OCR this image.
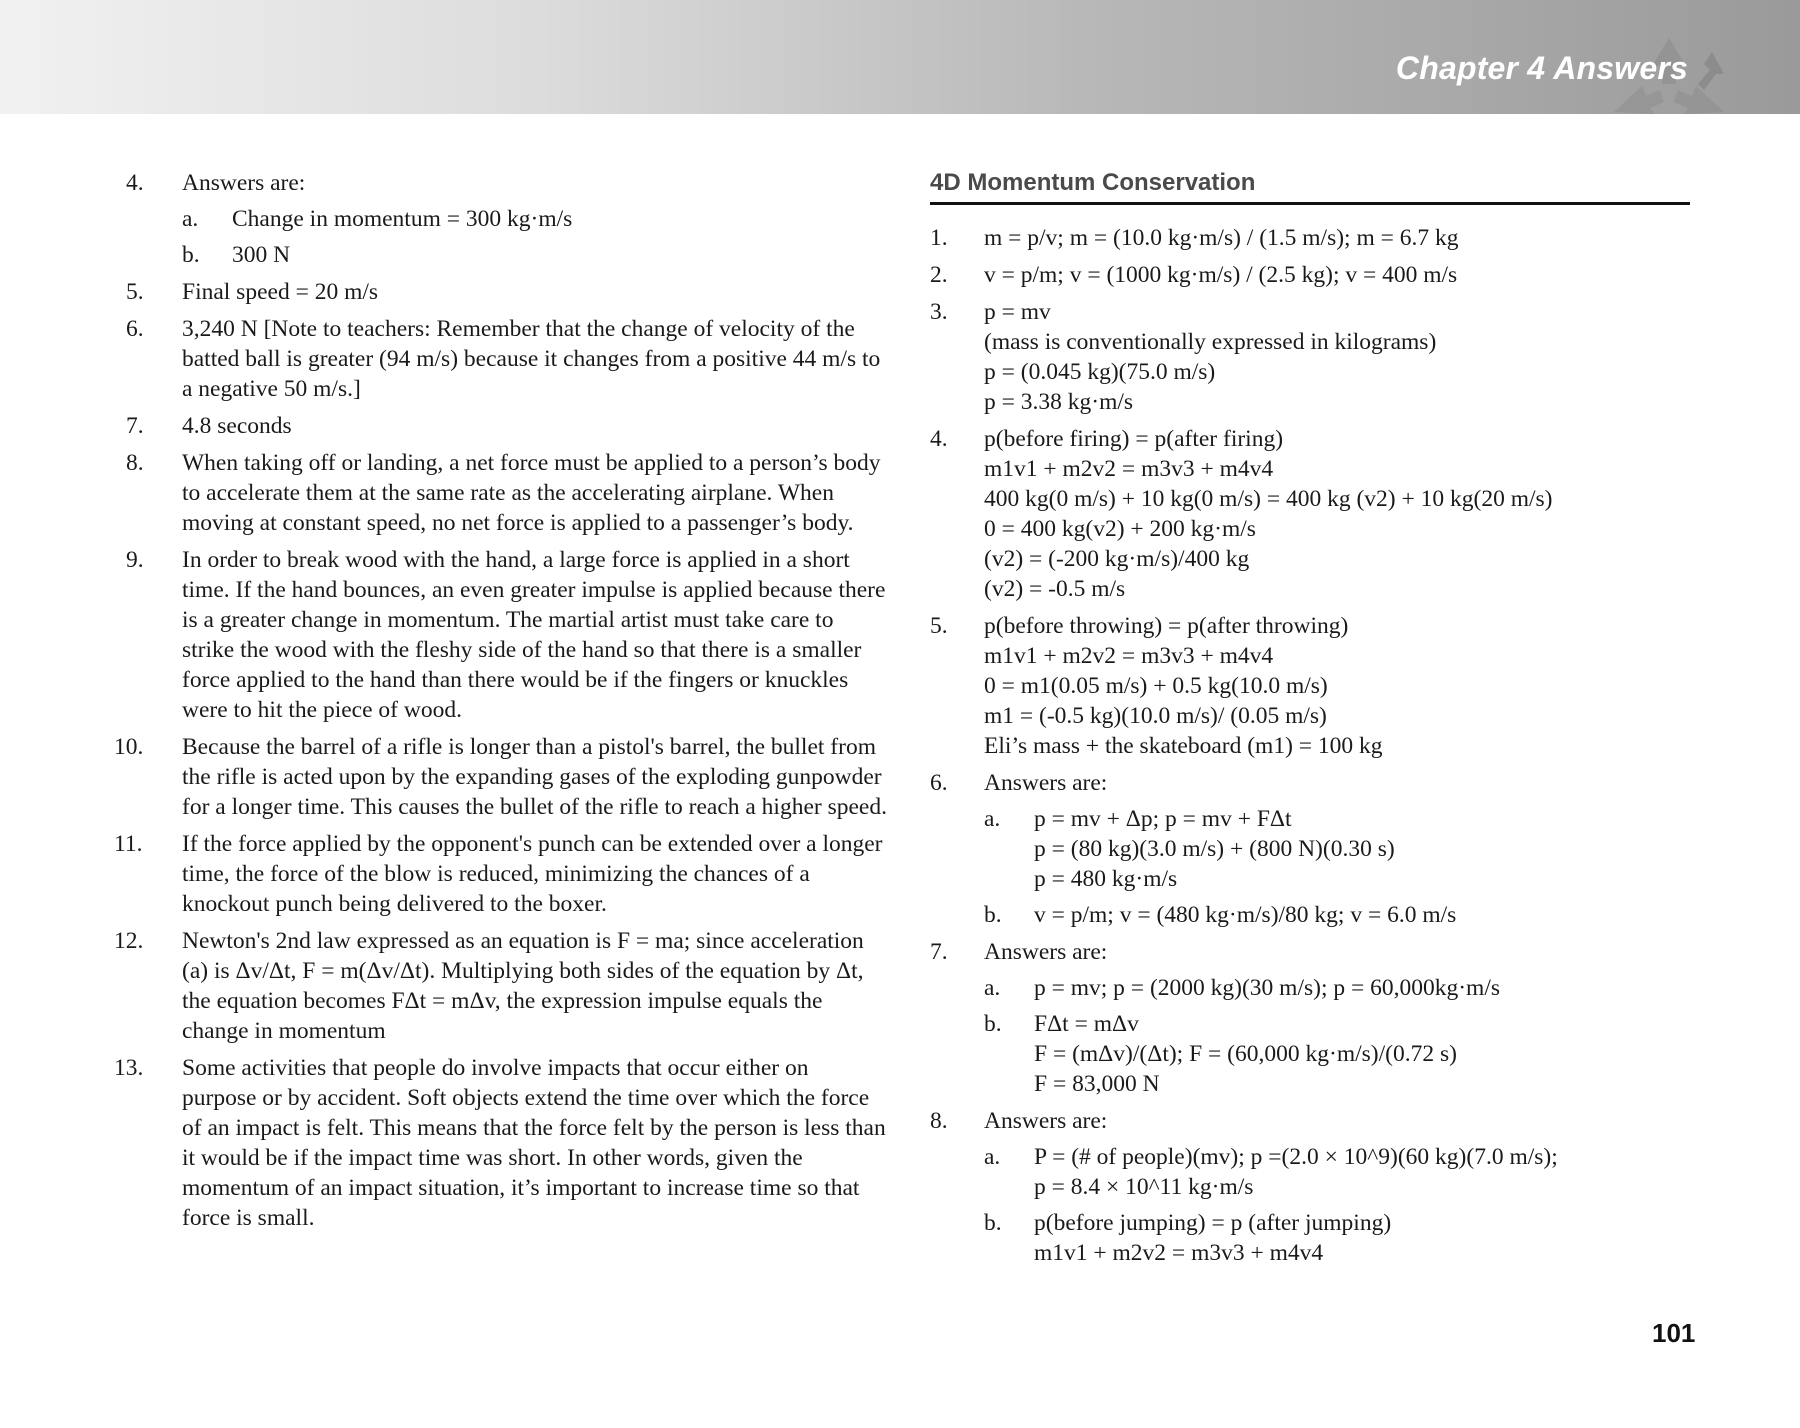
Chapter 4 Answers
4.	Answers are:
a. Change in momentum = 300 kg·m/s
b. 300 N
5.	Final speed = 20 m/s
6.	3,240 N [Note to teachers: Remember that the change of velocity of the batted ball is greater (94 m/s) because it changes from a positive 44 m/s to a negative 50 m/s.]
7.	4.8 seconds
8.	When taking off or landing, a net force must be applied to a person’s body to accelerate them at the same rate as the accelerating airplane. When moving at constant speed, no net force is applied to a passenger’s body.
9.	In order to break wood with the hand, a large force is applied in a short time. If the hand bounces, an even greater impulse is applied because there is a greater change in momentum. The martial artist must take care to strike the wood with the fleshy side of the hand so that there is a smaller force applied to the hand than there would be if the fingers or knuckles were to hit the piece of wood.
10.	Because the barrel of a rifle is longer than a pistol's barrel, the bullet from the rifle is acted upon by the expanding gases of the exploding gunpowder for a longer time. This causes the bullet of the rifle to reach a higher speed.
11.	If the force applied by the opponent's punch can be extended over a longer time, the force of the blow is reduced, minimizing the chances of a knockout punch being delivered to the boxer.
12.	Newton's 2nd law expressed as an equation is F = ma; since acceleration (a) is Δv/Δt, F = m(Δv/Δt). Multiplying both sides of the equation by Δt, the equation becomes FΔt = mΔv, the expression impulse equals the change in momentum
13.	Some activities that people do involve impacts that occur either on purpose or by accident. Soft objects extend the time over which the force of an impact is felt. This means that the force felt by the person is less than it would be if the impact time was short. In other words, given the momentum of an impact situation, it’s important to increase time so that force is small.
4D Momentum Conservation
1.	m = p/v; m = (10.0 kg·m/s) / (1.5 m/s); m = 6.7 kg
2.	v = p/m; v = (1000 kg·m/s) / (2.5 kg); v = 400 m/s
3.	p = mv
(mass is conventionally expressed in kilograms)
p = (0.045 kg)(75.0 m/s)
p = 3.38 kg·m/s
4.	p(before firing) = p(after firing)
m1v1 + m2v2 = m3v3 + m4v4
400 kg(0 m/s) + 10 kg(0 m/s) = 400 kg (v2) + 10 kg(20 m/s)
0 = 400 kg(v2) + 200 kg·m/s
(v2) = (-200 kg·m/s)/400 kg
(v2) = -0.5 m/s
5.	p(before throwing) = p(after throwing)
m1v1 + m2v2 = m3v3 + m4v4
0 = m1(0.05 m/s) + 0.5 kg(10.0 m/s)
m1 = (-0.5 kg)(10.0 m/s)/ (0.05 m/s)
Eli’s mass + the skateboard (m1) = 100 kg
6.	Answers are:
a. p = mv + Δp; p = mv + FΔt
p = (80 kg)(3.0 m/s) + (800 N)(0.30 s)
p = 480 kg·m/s
b. v = p/m; v = (480 kg·m/s)/80 kg; v = 6.0 m/s
7.	Answers are:
a. p = mv; p = (2000 kg)(30 m/s); p = 60,000kg·m/s
b. FΔt = mΔv
F = (mΔv)/(Δt); F = (60,000 kg·m/s)/(0.72 s)
F = 83,000 N
8.	Answers are:
a. P = (# of people)(mv); p =(2.0 × 10^9)(60 kg)(7.0 m/s);
p = 8.4 × 10^11 kg·m/s
b. p(before jumping) = p (after jumping)
m1v1 + m2v2 = m3v3 + m4v4
101
